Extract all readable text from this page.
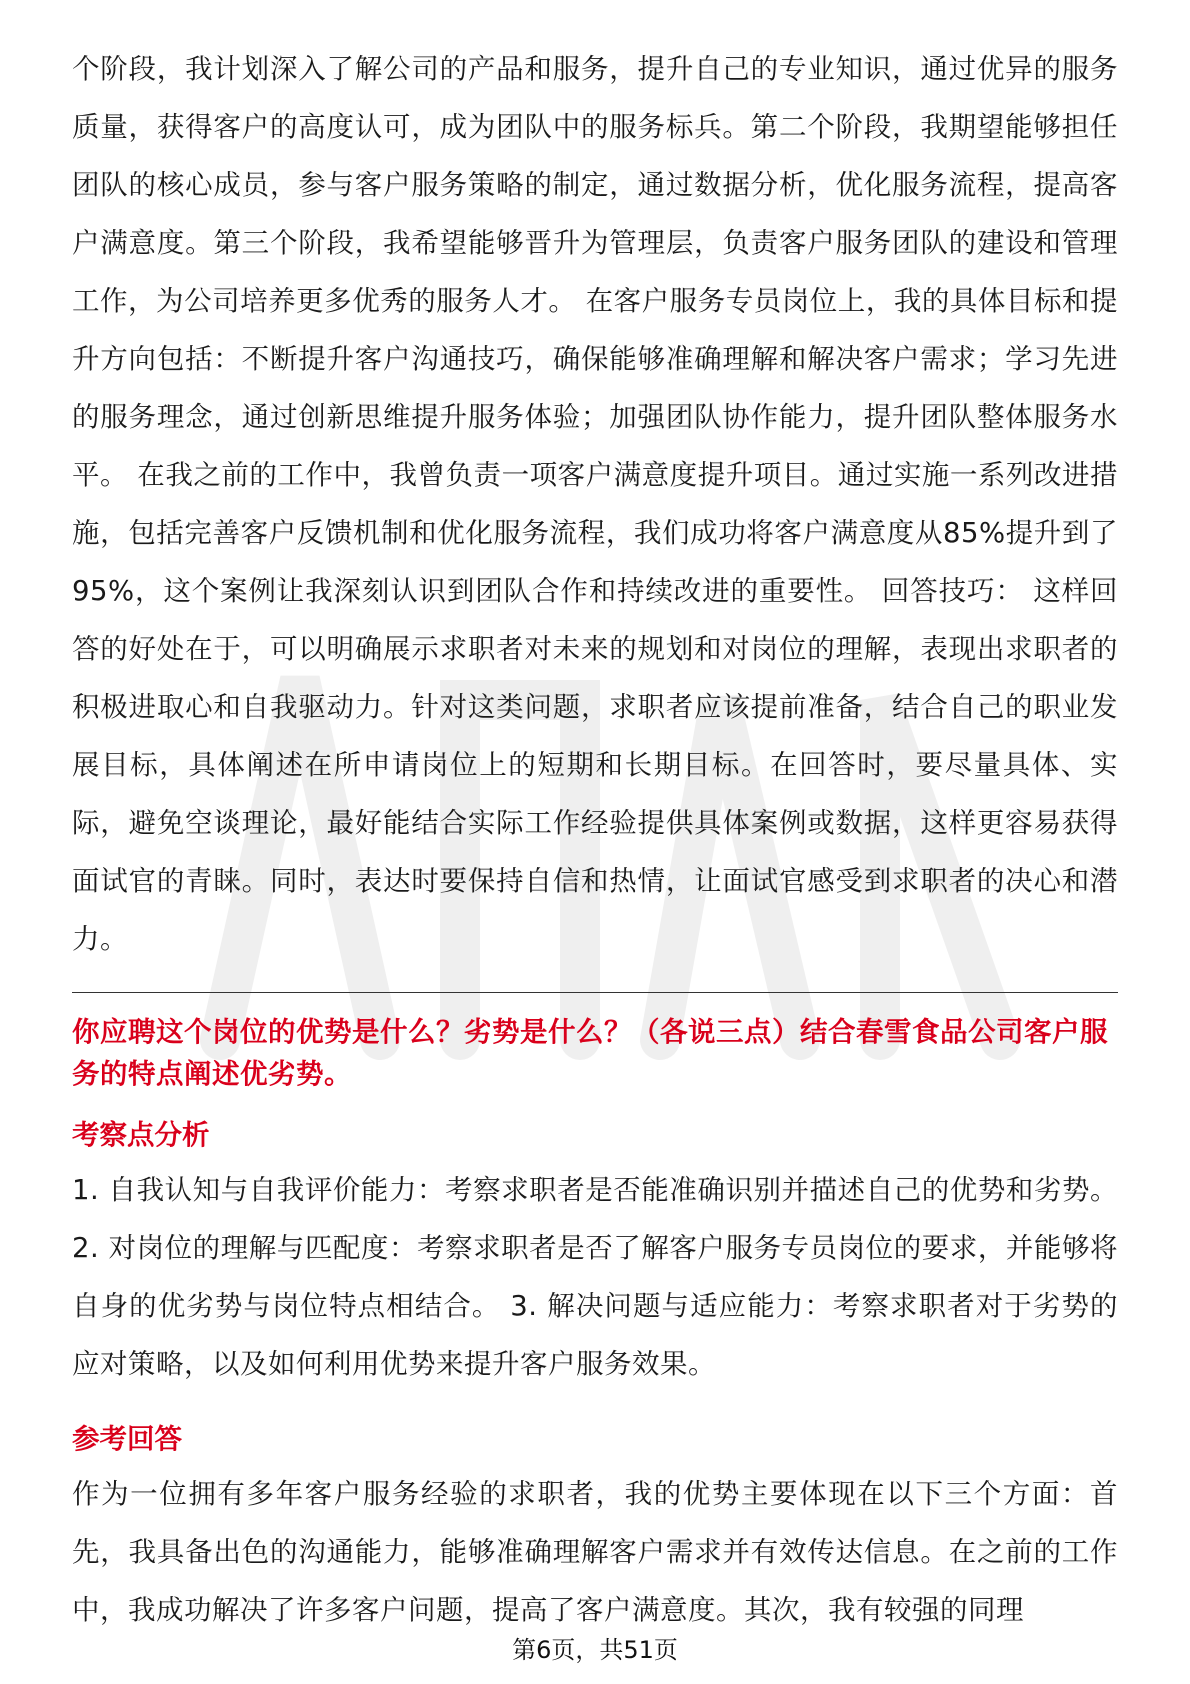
个阶段，我计划深入了解公司的产品和服务，提升自己的专业知识，通过优异的服务质量，获得客户的高度认可，成为团队中的服务标兵。第二个阶段，我期望能够担任团队的核心成员，参与客户服务策略的制定，通过数据分析，优化服务流程，提高客户满意度。第三个阶段，我希望能够晋升为管理层，负责客户服务团队的建设和管理工作，为公司培养更多优秀的服务人才。 在客户服务专员岗位上，我的具体目标和提升方向包括：不断提升客户沟通技巧，确保能够准确理解和解决客户需求；学习先进的服务理念，通过创新思维提升服务体验；加强团队协作能力，提升团队整体服务水平。 在我之前的工作中，我曾负责一项客户满意度提升项目。通过实施一系列改进措施，包括完善客户反馈机制和优化服务流程，我们成功将客户满意度从85%提升到了95%，这个案例让我深刻认识到团队合作和持续改进的重要性。 回答技巧： 这样回答的好处在于，可以明确展示求职者对未来的规划和对岗位的理解，表现出求职者的积极进取心和自我驱动力。针对这类问题，求职者应该提前准备，结合自己的职业发展目标，具体阐述在所申请岗位上的短期和长期目标。在回答时，要尽量具体、实际，避免空谈理论，最好能结合实际工作经验提供具体案例或数据，这样更容易获得面试官的青睐。同时，表达时要保持自信和热情，让面试官感受到求职者的决心和潜力。

你应聘这个岗位的优势是什么？劣势是什么？（各说三点）结合春雪食品公司客户服务的特点阐述优劣势。

考察点分析

1. 自我认知与自我评价能力：考察求职者是否能准确识别并描述自己的优势和劣势。 2. 对岗位的理解与匹配度：考察求职者是否了解客户服务专员岗位的要求，并能够将自身的优劣势与岗位特点相结合。 3. 解决问题与适应能力：考察求职者对于劣势的应对策略，以及如何利用优势来提升客户服务效果。

参考回答

作为一位拥有多年客户服务经验的求职者，我的优势主要体现在以下三个方面：首先，我具备出色的沟通能力，能够准确理解客户需求并有效传达信息。在之前的工作中，我成功解决了许多客户问题，提高了客户满意度。其次，我有较强的同理

第6页，共51页
